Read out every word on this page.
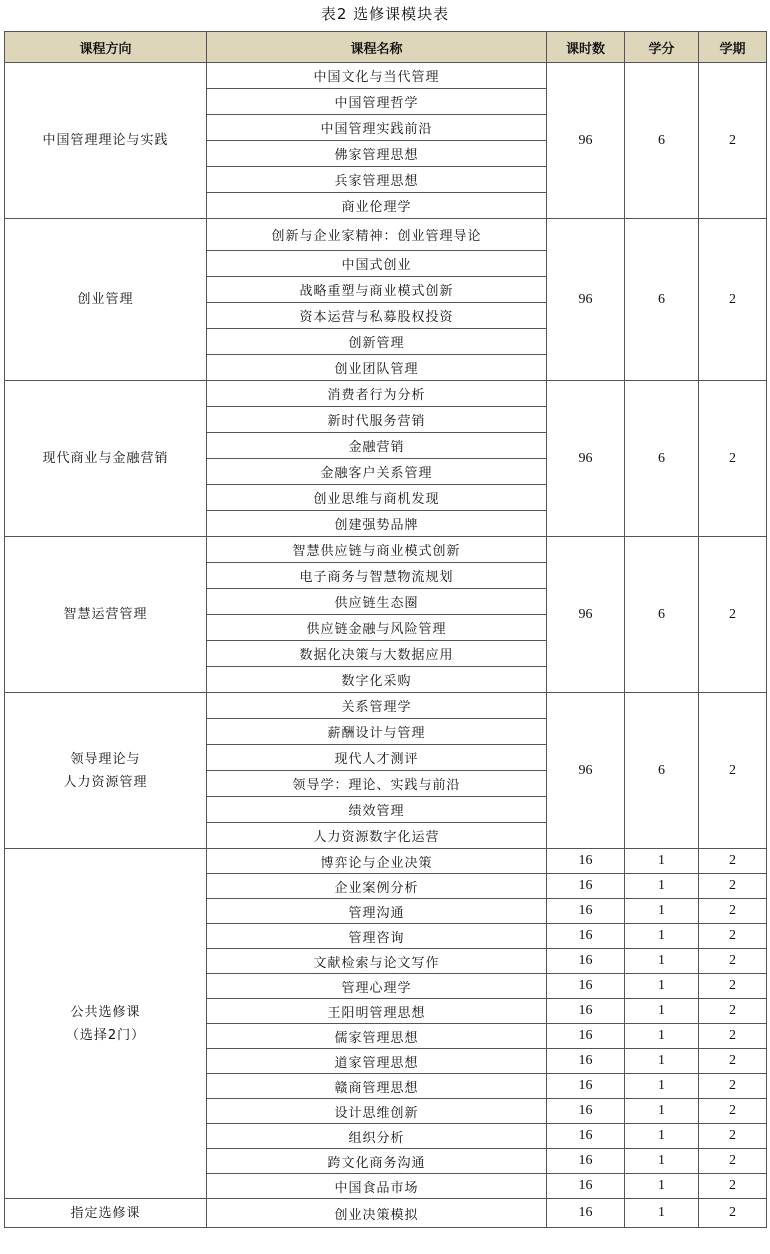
表2 选修课模块表
课程方向	课程名称	课时数	学分	学期

中国管理理论与实践	中国文化与当代管理	96	6	2
	中国管理哲学			
	中国管理实践前沿			
	佛家管理思想			
	兵家管理思想			
	商业伦理学			

创业管理	创新与企业家精神：创业管理导论	96	6	2
	中国式创业			
	战略重塑与商业模式创新			
	资本运营与私募股权投资			
	创新管理			
	创业团队管理			

现代商业与金融营销	消费者行为分析	96	6	2
	新时代服务营销			
	金融营销			
	金融客户关系管理			
	创业思维与商机发现			
	创建强势品牌			

智慧运营管理	智慧供应链与商业模式创新	96	6	2
	电子商务与智慧物流规划			
	供应链生态圈			
	供应链金融与风险管理			
	数据化决策与大数据应用			
	数字化采购			

领导理论与
人力资源管理	关系管理学	96	6	2
	薪酬设计与管理			
	现代人才测评			
	领导学：理论、实践与前沿			
	绩效管理			
	人力资源数字化运营			

公共选修课
（选择2门）	博弈论与企业决策	16	1	2
	企业案例分析	16	1	2
	管理沟通	16	1	2
	管理咨询	16	1	2
	文献检索与论文写作	16	1	2
	管理心理学	16	1	2
	王阳明管理思想	16	1	2
	儒家管理思想	16	1	2
	道家管理思想	16	1	2
	赣商管理思想	16	1	2
	设计思维创新	16	1	2
	组织分析	16	1	2
	跨文化商务沟通	16	1	2
	中国食品市场	16	1	2
指定选修课	创业决策模拟	16	1	2
